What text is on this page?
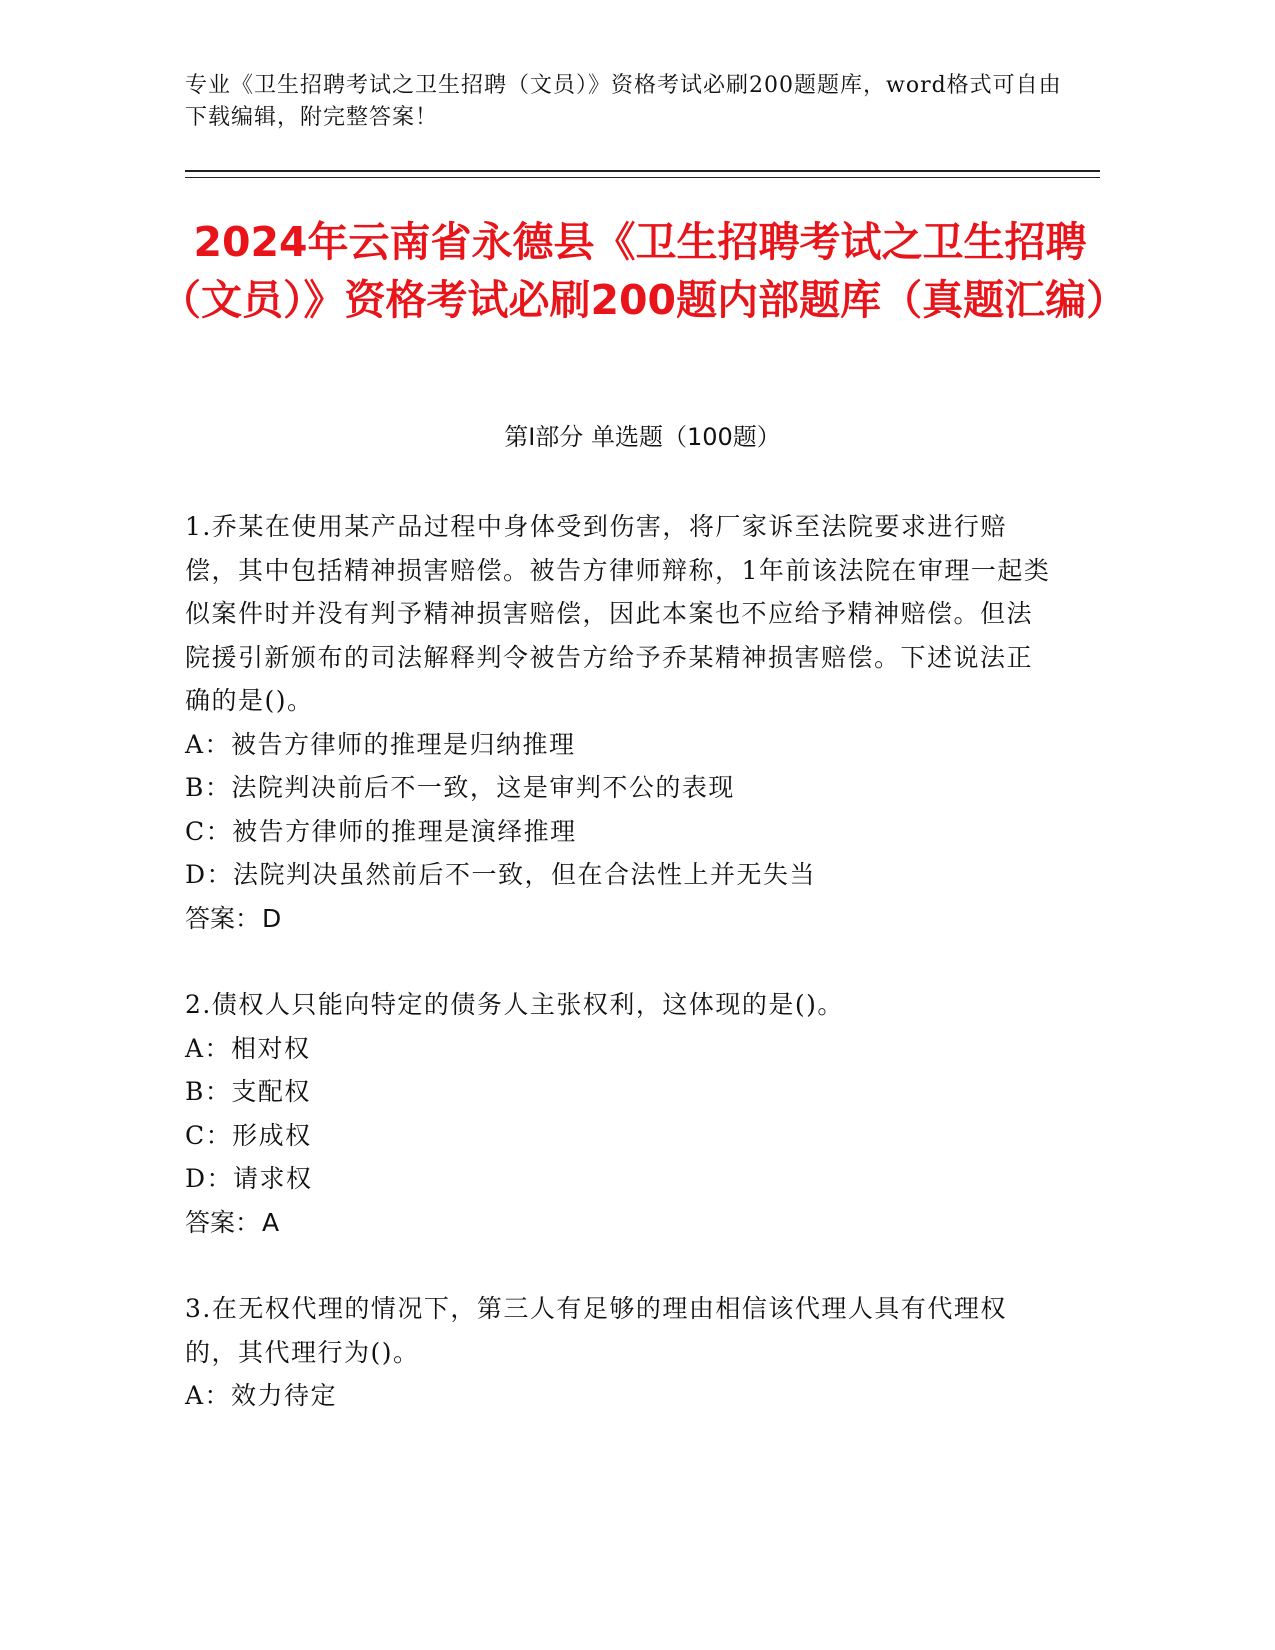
专业《卫生招聘考试之卫生招聘（文员）》资格考试必刷200题题库，word格式可自由下载编辑，附完整答案！
2024年云南省永德县《卫生招聘考试之卫生招聘（文员）》资格考试必刷200题内部题库（真题汇编）
第I部分 单选题（100题）

1.乔某在使用某产品过程中身体受到伤害，将厂家诉至法院要求进行赔偿，其中包括精神损害赔偿。被告方律师辩称，1年前该法院在审理一起类似案件时并没有判予精神损害赔偿，因此本案也不应给予精神赔偿。但法院援引新颁布的司法解释判令被告方给予乔某精神损害赔偿。下述说法正确的是()。

A：被告方律师的推理是归纳推理

B：法院判决前后不一致，这是审判不公的表现

C：被告方律师的推理是演绎推理

D：法院判决虽然前后不一致，但在合法性上并无失当

答案：D

2.债权人只能向特定的债务人主张权利，这体现的是()。

A：相对权

B：支配权

C：形成权

D：请求权

答案：A

3.在无权代理的情况下，第三人有足够的理由相信该代理人具有代理权的，其代理行为()。

A：效力待定
